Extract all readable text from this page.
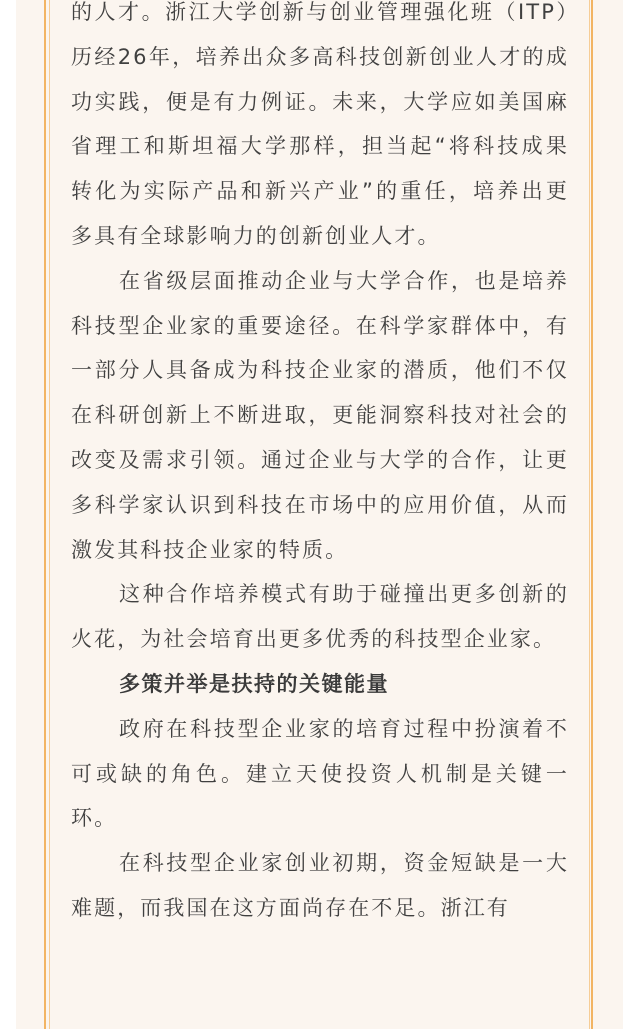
的人才。浙江大学创新与创业管理强化班（ITP）历经26年，培养出众多高科技创新创业人才的成功实践，便是有力例证。未来，大学应如美国麻省理工和斯坦福大学那样，担当起“将科技成果转化为实际产品和新兴产业”的重任，培养出更多具有全球影响力的创新创业人才。

在省级层面推动企业与大学合作，也是培养科技型企业家的重要途径。在科学家群体中，有一部分人具备成为科技企业家的潜质，他们不仅在科研创新上不断进取，更能洞察科技对社会的改变及需求引领。通过企业与大学的合作，让更多科学家认识到科技在市场中的应用价值，从而激发其科技企业家的特质。

这种合作培养模式有助于碰撞出更多创新的火花，为社会培育出更多优秀的科技型企业家。

多策并举是扶持的关键能量

政府在科技型企业家的培育过程中扮演着不可或缺的角色。建立天使投资人机制是关键一环。

在科技型企业家创业初期，资金短缺是一大难题，而我国在这方面尚存在不足。浙江有
